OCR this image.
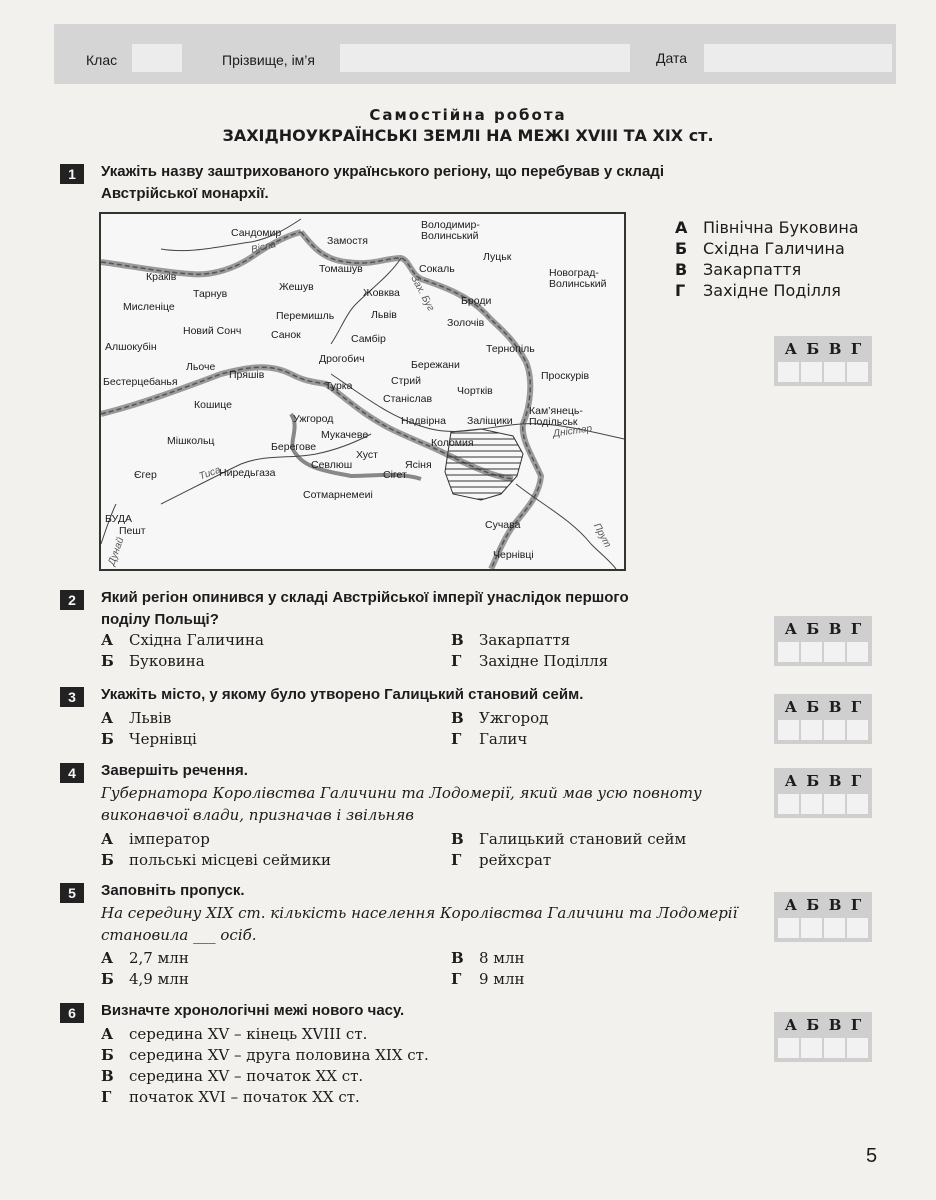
Клас	Прізвище, ім’я	Дата
Самостійна робота
ЗАХІДНОУКРАЇНСЬКІ ЗЕМЛІ НА МЕЖІ XVIII ТА XIX ст.
1	Укажіть назву заштрихованого українського регіону, що перебував у складі
Австрійської монархії.
Сандомир
Замостя
Володимир-
Волинський
Луцьк
Краків
Тарнув
Томашув	Сокаль	Новоград-
Волинський
Жешув	Жовква
Броди
Мисленіце
Перемишль	Львів
Золочів
Новий Сонч	Санок	Самбір
Тернопіль
Алшокубін
Дрогобич	Бережани
Льоче
Пряшів	Стрий	Проскурів
Бестерцебанья	Турка	Чортків
Станіслав
Кошице	Кам’янець-
Подільськ
Ужгород	Надвірна Заліщики
Мукачеве
Мішкольц	Берегове	Коломия
Хуст
Єгер	Ниредьгаза
Севлюш	Ясіня
Сігет
Сотмарнемеиі
БУДА
Пешт	Сучава
Чернівці
Вісла
Зах. Буг
Дністер
Тиса
Прут
Дунай
А Північна Буковина
Б Східна Галичина
В Закарпаття
Г Західне Поділля
А Б В Г
2	Який регіон опинився у складі Австрійської імперії унаслідок першого
поділу Польщі?
А Східна Галичина
Б Буковина
В Закарпаття
Г Західне Поділля
А Б В Г
3	Укажіть місто, у якому було утворено Галицький становий сейм.
А Львів
Б Чернівці
В Ужгород
Г Галич
А Б В Г
4	Завершіть речення.
Губернатора Королівства Галичини та Лодомерії, який мав усю повноту
виконавчої влади, призначав і звільняв
А імператор
Б польські місцеві сеймики
В Галицький становий сейм
Г рейхсрат
А Б В Г
5	Заповніть пропуск.
На середину XIX ст. кількість населення Королівства Галичини та Лодомерії
становила ___ осіб.
А 2,7 млн
Б 4,9 млн
В 8 млн
Г 9 млн
А Б В Г
6	Визначте хронологічні межі нового часу.
А середина XV – кінець XVIII ст.
Б середина XV – друга половина XIX ст.
В середина XV – початок XX ст.
Г початок XVI – початок XX ст.
А Б В Г
5
